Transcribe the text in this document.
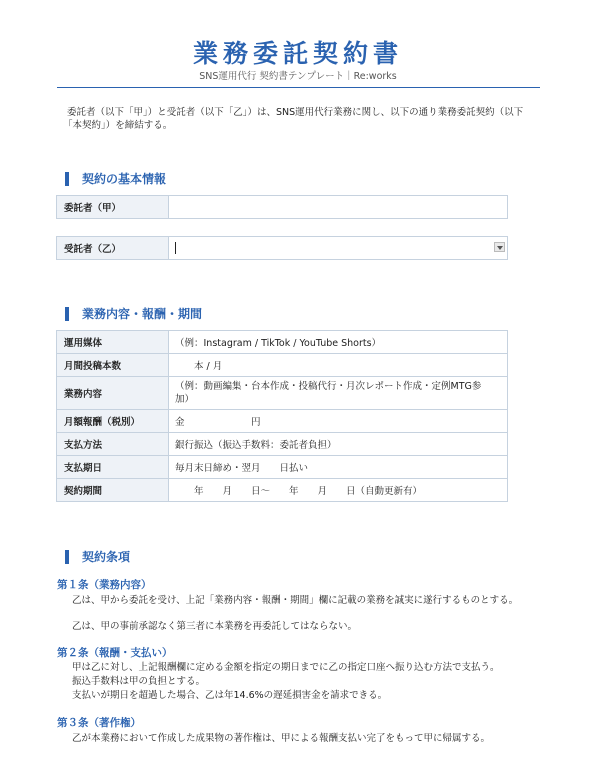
業務委託契約書
SNS運用代行 契約書テンプレート｜Re:works
委託者（以下「甲」）と受託者（以下「乙」）は、SNS運用代行業務に関し、以下の通り業務委託契約（以下「本契約」）を締結する。
契約の基本情報
委託者（甲）	
受託者（乙）	
業務内容・報酬・期間
運用媒体	（例：Instagram / TikTok / YouTube Shorts）
月間投稿本数	　　本 / 月
業務内容	（例：動画編集・台本作成・投稿代行・月次レポート作成・定例MTG参加）
月額報酬（税別）	金　　　　　　　円
支払方法	銀行振込（振込手数料：委託者負担）
支払期日	毎月末日締め・翌月　　日払い
契約期間	　　年　　月　　日～　　年　　月　　日（自動更新有）
契約条項
第１条（業務内容）
乙は、甲から委託を受け、上記「業務内容・報酬・期間」欄に記載の業務を誠実に遂行するものとする。
乙は、甲の事前承認なく第三者に本業務を再委託してはならない。
第２条（報酬・支払い）
甲は乙に対し、上記報酬欄に定める金額を指定の期日までに乙の指定口座へ振り込む方法で支払う。
振込手数料は甲の負担とする。
支払いが期日を超過した場合、乙は年14.6%の遅延損害金を請求できる。
第３条（著作権）
乙が本業務において作成した成果物の著作権は、甲による報酬支払い完了をもって甲に帰属する。
